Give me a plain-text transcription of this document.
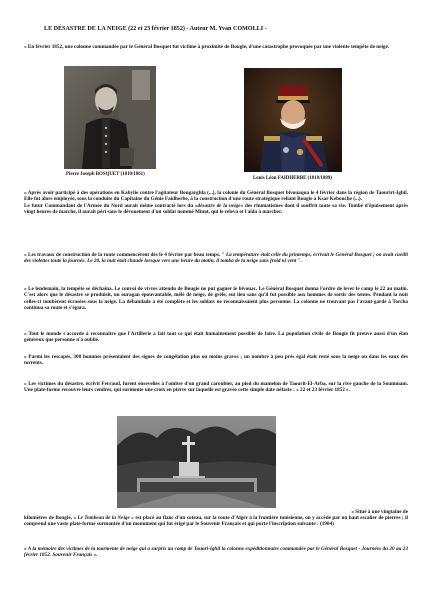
LE DÉSASTRE DE LA NEIGE (22 et 23 février 1852) - Auteur M. Yvan COMOLLI -
« En février 1852, une colonne commandée par le Général Bosquet fut victime à proximité de Bougie, d'une catastrophe provoquée par une violente tempête de neige.
Pierre Joseph BOSQUET (1810/1861)
Louis Léon FAIDHERBE (1818/1889)
« Après avoir participé à des opérations en Kabylie contre l'agitateur Bougarghla (...), la colonie du Général Bosquet bivouaqua le 4 février dans la région de Taourirt-Ighil. Elle fut alors employée, sous la conduite du Capitaine du Génie Faidherbe, à la construction d'une route stratégique reliant Bougie à Ksar Kebouche (...).
Le futur Commandant de l'Armée du Nord aurait même contracté lors du «désastre de la neige» des rhumatismes dont il souffrit toute sa vie. Tombé d'épuisement après vingt heures de marche, il aurait péri sans le dévouement d'un soldat nommé Minot, qui le releva et l'aida à marcher.
« Les travaux de construction de la route commencèrent dès le 4 février par beau temps. " La température était celle du printemps, écrivait le Général Bosquet ; on avait cueilli des violettes toute la journée. Le 20, la nuit était chaude lorsque vers une heure du matin, il tomba de la neige sans froid ni vent ".
« Le lendemain, la tempête se déchaîna. Le convoi de vivres attendu de Bougie ne put gagner le bivouac. Le Général Bosquet donna l'ordre de lever le camp le 22 au matin. C'est alors que le désastre se produisit, un ouragan épouvantable, mêlé de neige, de grêle, eut lieu sans qu'il fut possible aux hommes de sortir des tentes. Pendant la nuit celles-ci tombèrent écrasées sous la neige. La débandade a été complète et les soldats ne reconnaissaient plus personne. La colonne ne trouvant pas l'avant-garde à Torcha continua sa route et s'égara.
« Tout le monde s'accorde à reconnaître que l'Artillerie a fait tout ce qui était humainement possible de faire. La population civile de Bougie fit preuve aussi d'un élan généreux que personne n'a oublié.
« Parmi les rescapés, 300 hommes présentaient des signes de congélation plus ou moins graves ; un nombre à peu près égal était resté sous la neige ou dans les eaux des torrents.
« Les victimes du désastre, écrivit Ferraud, furent ensevelies à l'ombre d'un grand caroubier, au pied du mamelon de Taourit-El-Arba, sur la rive gauche de la Soummam. Une plate-forme recouvre leurs cendres, qui surmonte une croix en pierre sur laquelle est gravée cette simple date néfaste : « 22 et 23 février 1852 ».
« Situé à une vingtaine de
kilomètres de Bougie, « Le Tombeau de la Neige » est placé au flanc d'un coteau, sur la route d'Alger à la frontière tunisienne, on y accède par un haut escalier de pierres ; il comprend une vaste plate-forme surmontée d'un monument qui fut érigé par le Souvenir Français et qui porte l'inscription suivante : (1904)
« A la mémoire des victimes de la tourmente de neige qui a surpris au camp de Touari-Ighil la colonne expéditionnaire commandée par le Général Bosquet - Journées du 20 au 23 février 1852. Souvenir Français ».
